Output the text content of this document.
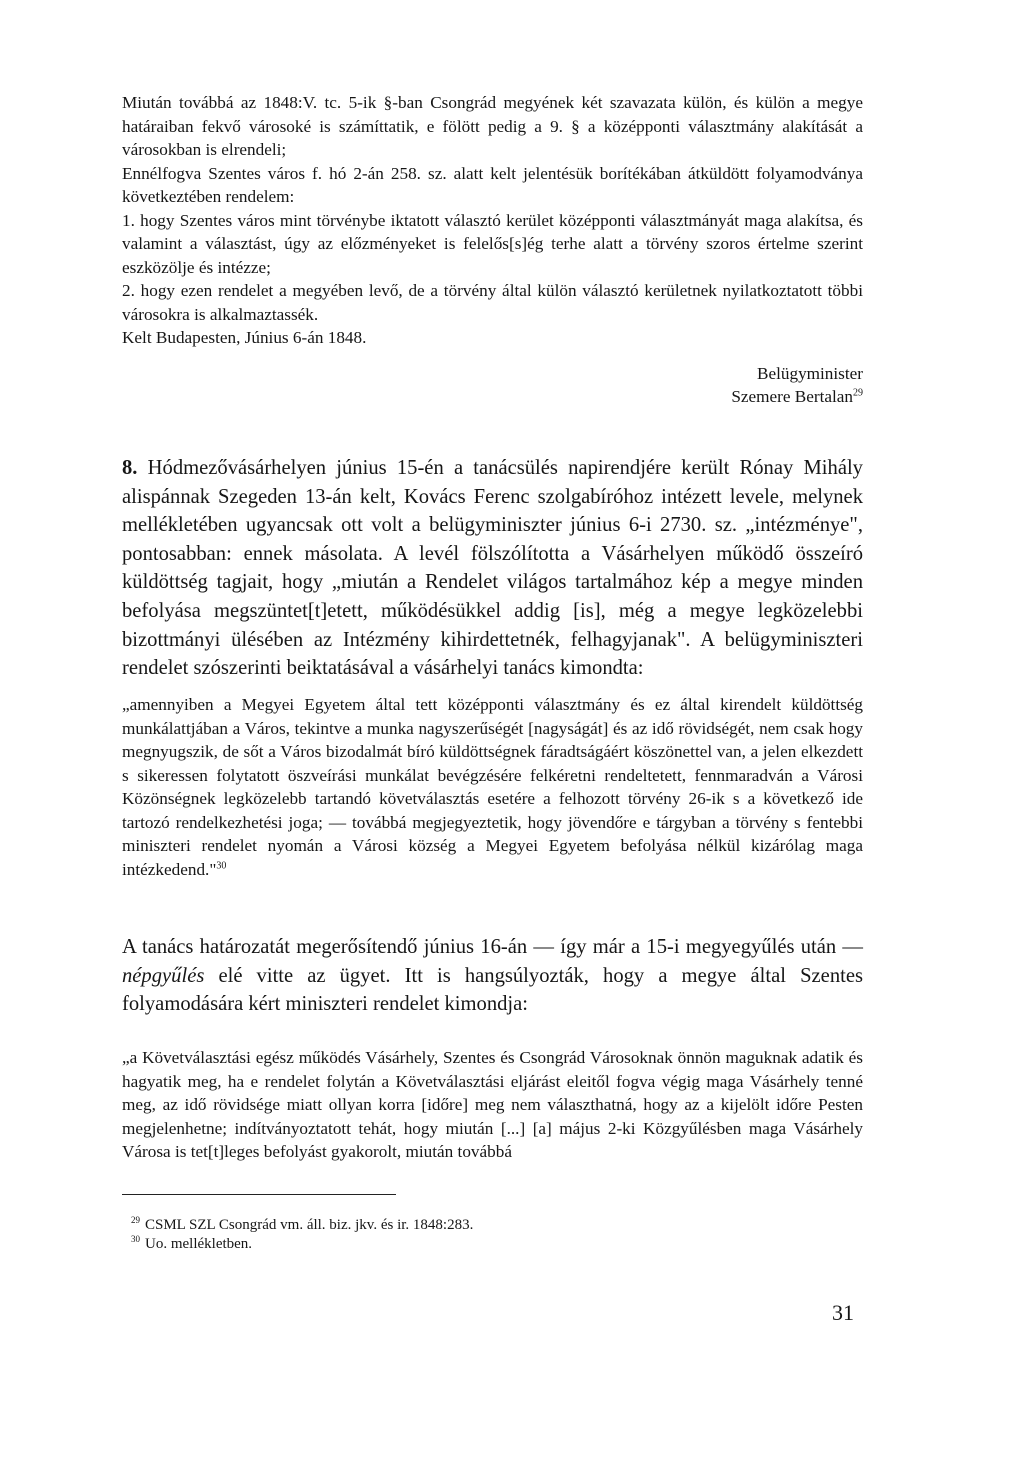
Miután továbbá az 1848:V. tc. 5-ik §-ban Csongrád megyének két szavazata külön, és külön a megye határaiban fekvő városoké is számíttatik, e fölött pedig a 9. § a középponti választmány alakítását a városokban is elrendeli;

Ennélfogva Szentes város f. hó 2-án 258. sz. alatt kelt jelentésük borítékában átküldött folyamodványa következtében rendelem:

1. hogy Szentes város mint törvénybe iktatott választó kerület középponti választmányát maga alakítsa, és valamint a választást, úgy az előzményeket is felelős[s]ég terhe alatt a törvény szoros értelme szerint eszközölje és intézze;

2. hogy ezen rendelet a megyében levő, de a törvény által külön választó kerületnek nyilatkoztatott többi városokra is alkalmaztassék.

Kelt Budapesten, Június 6-án 1848.

Belügyminister

Szemere Bertalan$^{29}$

8. Hódmezővásárhelyen június 15-én a tanácsülés napirendjére került Rónay Mihály alispánnak Szegeden 13-án kelt, Kovács Ferenc szolgabíróhoz intézett levele, melynek mellékletében ugyancsak ott volt a belügyminiszter június 6-i 2730. sz. „intézménye", pontosabban: ennek másolata. A levél fölszólította a Vásárhelyen működő összeíró küldöttség tagjait, hogy „miután a Rendelet világos tartalmához kép a megye minden befolyása megszüntet[t]etett, működésükkel addig [is], még a megye legközelebbi bizottmányi ülésében az Intézmény kihirdettetnék, felhagyjanak". A belügyminiszteri rendelet szószerinti beiktatásával a vásárhelyi tanács kimondta:

„amennyiben a Megyei Egyetem által tett középponti választmány és ez által kirendelt küldöttség munkálattjában a Város, tekintve a munka nagyszerűségét [nagyságát] és az idő rövidségét, nem csak hogy megnyugszik, de sőt a Város bizodalmát bíró küldöttségnek fáradtságáért köszönettel van, a jelen elkezdett s sikeressen folytatott öszveírási munkálat bevégzésére felkéretni rendeltetett, fennmaradván a Városi Közönségnek legközelebb tartandó követválasztás esetére a felhozott törvény 26-ik s a következő ide tartozó rendelkezhetési joga; — továbbá megjegyeztetik, hogy jövendőre e tárgyban a törvény s fentebbi miniszteri rendelet nyomán a Városi község a Megyei Egyetem befolyása nélkül kizárólag maga intézkedend."$^{30}$

A tanács határozatát megerősítendő június 16-án — így már a 15-i megyegyűlés után — népgyűlés elé vitte az ügyet. Itt is hangsúlyozták, hogy a megye által Szentes folyamodására kért miniszteri rendelet kimondja:

„a Követválasztási egész működés Vásárhely, Szentes és Csongrád Városoknak önnön maguknak adatik és hagyatik meg, ha e rendelet folytán a Követválasztási eljárást eleitől fogva végig maga Vásárhely tenné meg, az idő rövidsége miatt ollyan korra [időre] meg nem választhatná, hogy az a kijelölt időre Pesten megjelenhetne; indítványoztatott tehát, hogy miután [...] [a] május 2-ki Közgyűlésben maga Vásárhely Városa is tet[t]leges befolyást gyakorolt, miután továbbá

$^{29}$ CSML SZL Csongrád vm. áll. biz. jkv. és ir. 1848:283.
$^{30}$ Uo. mellékletben.
31
